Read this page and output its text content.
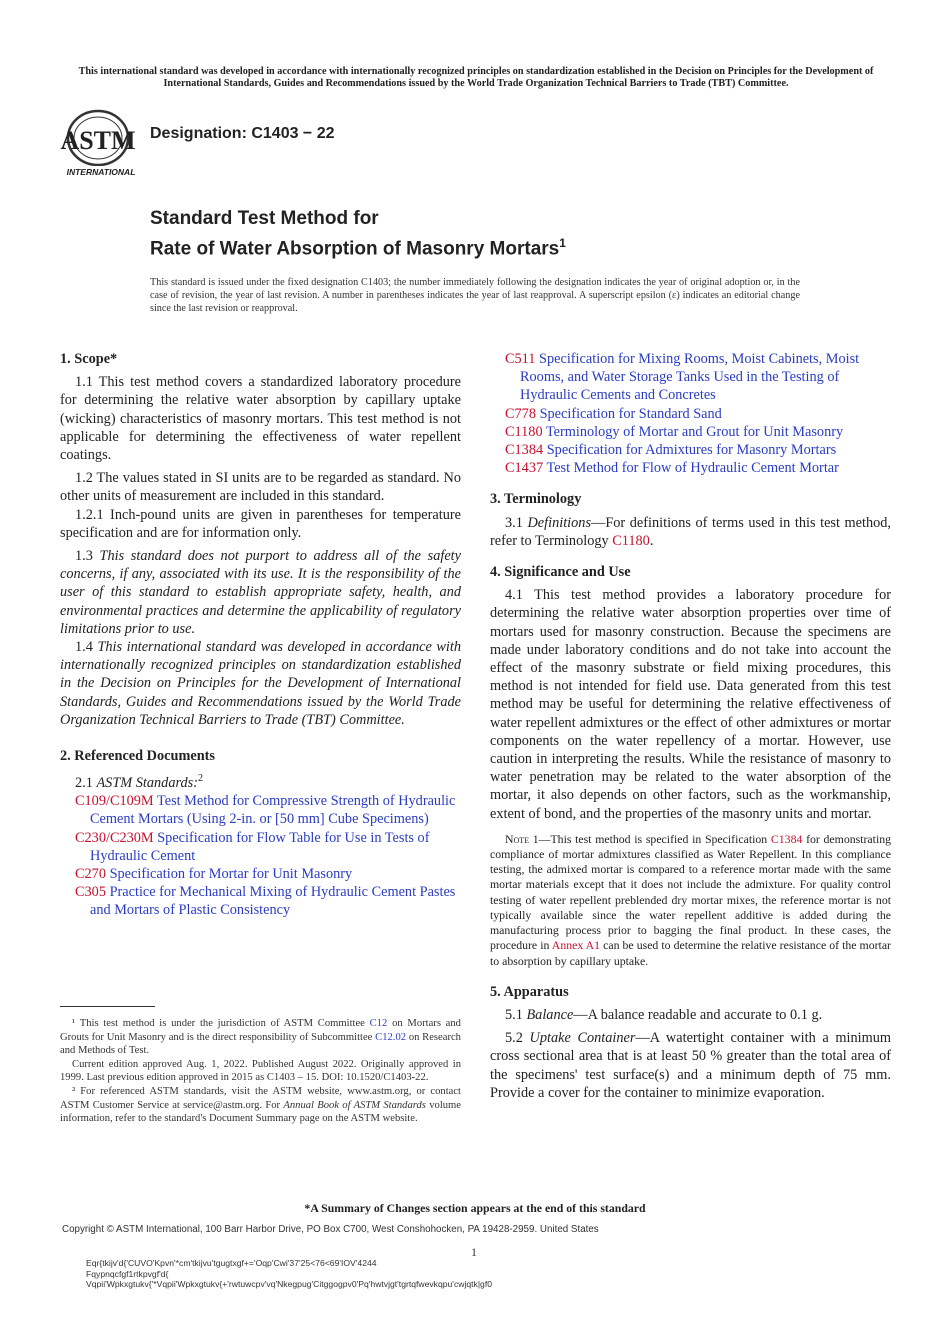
This international standard was developed in accordance with internationally recognized principles on standardization established in the Decision on Principles for the Development of International Standards, Guides and Recommendations issued by the World Trade Organization Technical Barriers to Trade (TBT) Committee.
ASTM
INTERNATIONAL
Designation: C1403 − 22
Standard Test Method for
Rate of Water Absorption of Masonry Mortars$^1$
This standard is issued under the fixed designation C1403; the number immediately following the designation indicates the year of original adoption or, in the case of revision, the year of last revision. A number in parentheses indicates the year of last reapproval. A superscript epsilon (ε) indicates an editorial change since the last revision or reapproval.

1. Scope*

1.1 This test method covers a standardized laboratory procedure for determining the relative water absorption by capillary uptake (wicking) characteristics of masonry mortars. This test method is not applicable for determining the effectiveness of water repellent coatings.

1.2 The values stated in SI units are to be regarded as standard. No other units of measurement are included in this standard.

1.2.1 Inch-pound units are given in parentheses for temperature specification and are for information only.

1.3 This standard does not purport to address all of the safety concerns, if any, associated with its use. It is the responsibility of the user of this standard to establish appropriate safety, health, and environmental practices and determine the applicability of regulatory limitations prior to use.

1.4 This international standard was developed in accordance with internationally recognized principles on standardization established in the Decision on Principles for the Development of International Standards, Guides and Recommendations issued by the World Trade Organization Technical Barriers to Trade (TBT) Committee.

2. Referenced Documents

2.1 ASTM Standards:$^2$

C109/C109M Test Method for Compressive Strength of Hydraulic Cement Mortars (Using 2-in. or [50 mm] Cube Specimens)

C230/C230M Specification for Flow Table for Use in Tests of Hydraulic Cement

C270 Specification for Mortar for Unit Masonry

C305 Practice for Mechanical Mixing of Hydraulic Cement Pastes and Mortars of Plastic Consistency

¹ This test method is under the jurisdiction of ASTM Committee C12 on Mortars and Grouts for Unit Masonry and is the direct responsibility of Subcommittee C12.02 on Research and Methods of Test.

Current edition approved Aug. 1, 2022. Published August 2022. Originally approved in 1999. Last previous edition approved in 2015 as C1403 – 15. DOI: 10.1520/C1403-22.

² For referenced ASTM standards, visit the ASTM website, www.astm.org, or contact ASTM Customer Service at service@astm.org. For Annual Book of ASTM Standards volume information, refer to the standard's Document Summary page on the ASTM website.

C511 Specification for Mixing Rooms, Moist Cabinets, Moist Rooms, and Water Storage Tanks Used in the Testing of Hydraulic Cements and Concretes

C778 Specification for Standard Sand

C1180 Terminology of Mortar and Grout for Unit Masonry

C1384 Specification for Admixtures for Masonry Mortars

C1437 Test Method for Flow of Hydraulic Cement Mortar

3. Terminology

3.1 Definitions—For definitions of terms used in this test method, refer to Terminology C1180.

4. Significance and Use

4.1 This test method provides a laboratory procedure for determining the relative water absorption properties over time of mortars used for masonry construction. Because the specimens are made under laboratory conditions and do not take into account the effect of the masonry substrate or field mixing procedures, this method is not intended for field use. Data generated from this test method may be useful for determining the relative effectiveness of water repellent admixtures or the effect of other admixtures or mortar components on the water repellency of a mortar. However, use caution in interpreting the results. While the resistance of masonry to water penetration may be related to the water absorption of the mortar, it also depends on other factors, such as the workmanship, extent of bond, and the properties of the masonry units and mortar.

Note 1—This test method is specified in Specification C1384 for demonstrating compliance of mortar admixtures classified as Water Repellent. In this compliance testing, the admixed mortar is compared to a reference mortar made with the same mortar materials except that it does not include the admixture. For quality control testing of water repellent preblended dry mortar mixes, the reference mortar is not typically available since the water repellent additive is added during the manufacturing process prior to bagging the final product. In these cases, the procedure in Annex A1 can be used to determine the relative resistance of the mortar to absorption by capillary uptake.

5. Apparatus

5.1 Balance—A balance readable and accurate to 0.1 g.

5.2 Uptake Container—A watertight container with a minimum cross sectional area that is at least 50 % greater than the total area of the specimens' test surface(s) and a minimum depth of 75 mm. Provide a cover for the container to minimize evaporation.

*A Summary of Changes section appears at the end of this standard
Copyright © ASTM International, 100 Barr Harbor Drive, PO Box C700, West Conshohocken, PA 19428-2959. United States
1
Eqr{tkijv'd{'CUVO'Kpvn'*cm'tkijvu'tgugtxgf+='Oqp'Cwi'37'25<76<69'IOV'4244
Fqypnqcfgf1rtkpvgf'd{
Vqpii'Wpkxgtukv{'*Vqpii'Wpkxgtukv{+'rwtuwcpv'vq'Nkegpug'Citggogpv0'Pq'hwtvjgt'tgrtqfwevkqpu'cwjqtk|gf0
